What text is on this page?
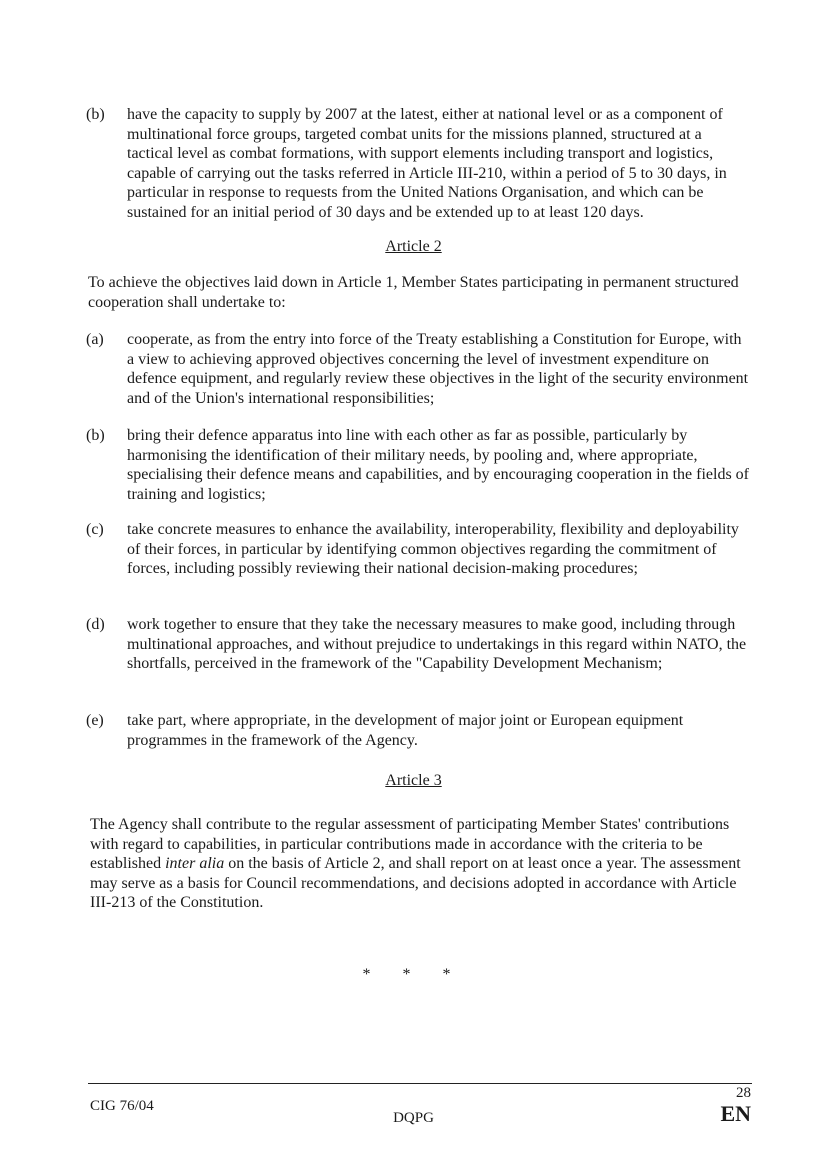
(b)	have the capacity to supply by 2007 at the latest, either at national level or as a component of multinational force groups, targeted combat units for the missions planned, structured at a tactical level as combat formations, with support elements including transport and logistics, capable of carrying out the tasks referred in Article III-210, within a period of 5 to 30 days, in particular in response to requests from the United Nations Organisation, and which can be sustained for an initial period of 30 days and be extended up to at least 120 days.
Article 2
To achieve the objectives laid down in Article 1, Member States participating in permanent structured cooperation shall undertake to:
(a)	cooperate, as from the entry into force of the Treaty establishing a Constitution for Europe, with a view to achieving approved objectives concerning the level of investment expenditure on defence equipment, and regularly review these objectives in the light of the security environment and of the Union's international responsibilities;
(b)	bring their defence apparatus into line with each other as far as possible, particularly by harmonising the identification of their military needs, by pooling and, where appropriate, specialising their defence means and capabilities, and by encouraging cooperation in the fields of training and logistics;
(c)	take concrete measures to enhance the availability, interoperability, flexibility and deployability of their forces, in particular by identifying common objectives regarding the commitment of forces, including possibly reviewing their national decision-making procedures;
(d)	work together to ensure that they take the necessary measures to make good, including through multinational approaches, and without prejudice to undertakings in this regard within NATO, the shortfalls, perceived in the framework of the "Capability Development Mechanism;
(e)	take part, where appropriate, in the development of major joint or European equipment programmes in the framework of the Agency.
Article 3
The Agency shall contribute to the regular assessment of participating Member States' contributions with regard to capabilities, in particular contributions made in accordance with the criteria to be established inter alia on the basis of Article 2, and shall report on at least once a year. The assessment may serve as a basis for Council recommendations, and decisions adopted in accordance with Article III-213 of the Constitution.
* * *
CIG 76/04
DQPG
28
EN
